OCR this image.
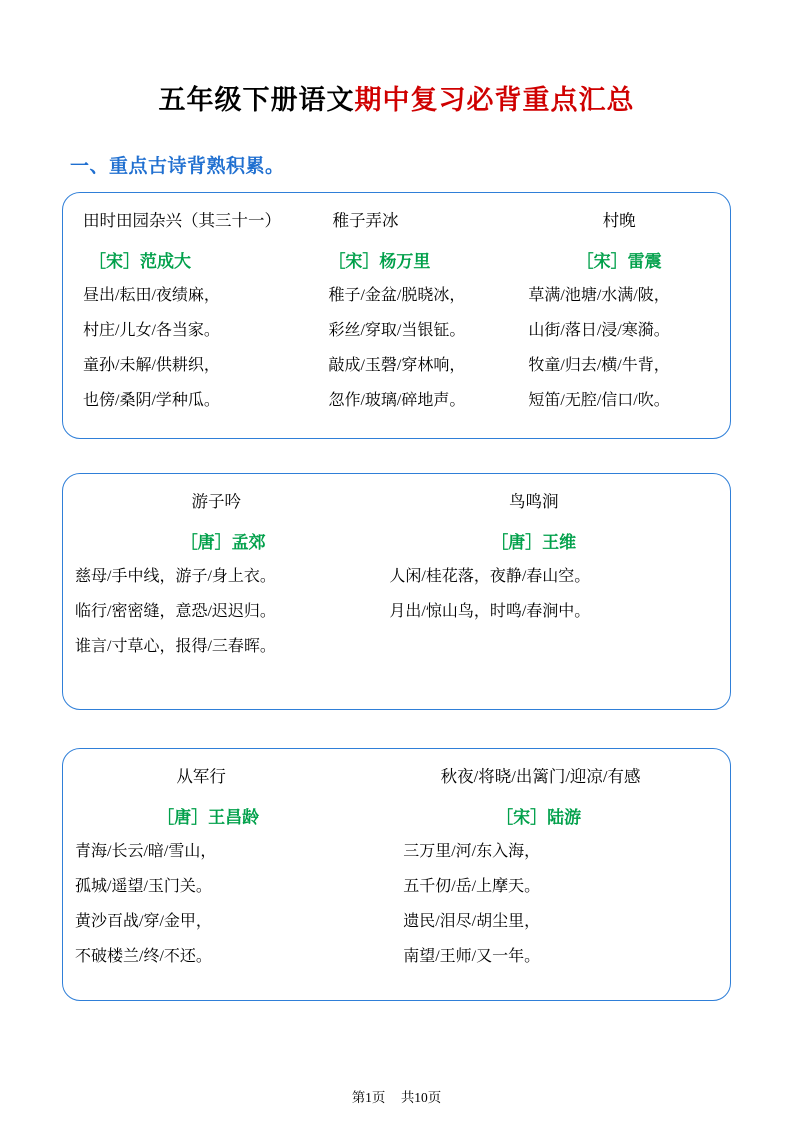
五年级下册语文期中复习必背重点汇总
一、重点古诗背熟积累。
田时田园杂兴（其三十一）
［宋］范成大
昼出/耘田/夜绩麻，
村庄/儿女/各当家。
童孙/未解/供耕织，
也傍/桑阴/学种瓜。
稚子弄冰
［宋］杨万里
稚子/金盆/脱晓冰，
彩丝/穿取/当银钲。
敲成/玉磬/穿林响，
忽作/玻璃/碎地声。
村晚
［宋］雷震
草满/池塘/水满/陂，
山街/落日/浸/寒漪。
牧童/归去/横/牛背，
短笛/无腔/信口/吹。
游子吟
［唐］孟郊
慈母/手中线，游子/身上衣。
临行/密密缝，意恐/迟迟归。
谁言/寸草心，报得/三春晖。
鸟鸣涧
［唐］王维
人闲/桂花落，夜静/春山空。
月出/惊山鸟，时鸣/春涧中。
从军行
［唐］王昌龄
青海/长云/暗/雪山，
孤城/遥望/玉门关。
黄沙百战/穿/金甲，
不破楼兰/终/不还。
秋夜/将晓/出篱门/迎凉/有感
［宋］陆游
三万里/河/东入海，
五千仞/岳/上摩天。
遗民/泪尽/胡尘里，
南望/王师/又一年。
第1页 共10页
